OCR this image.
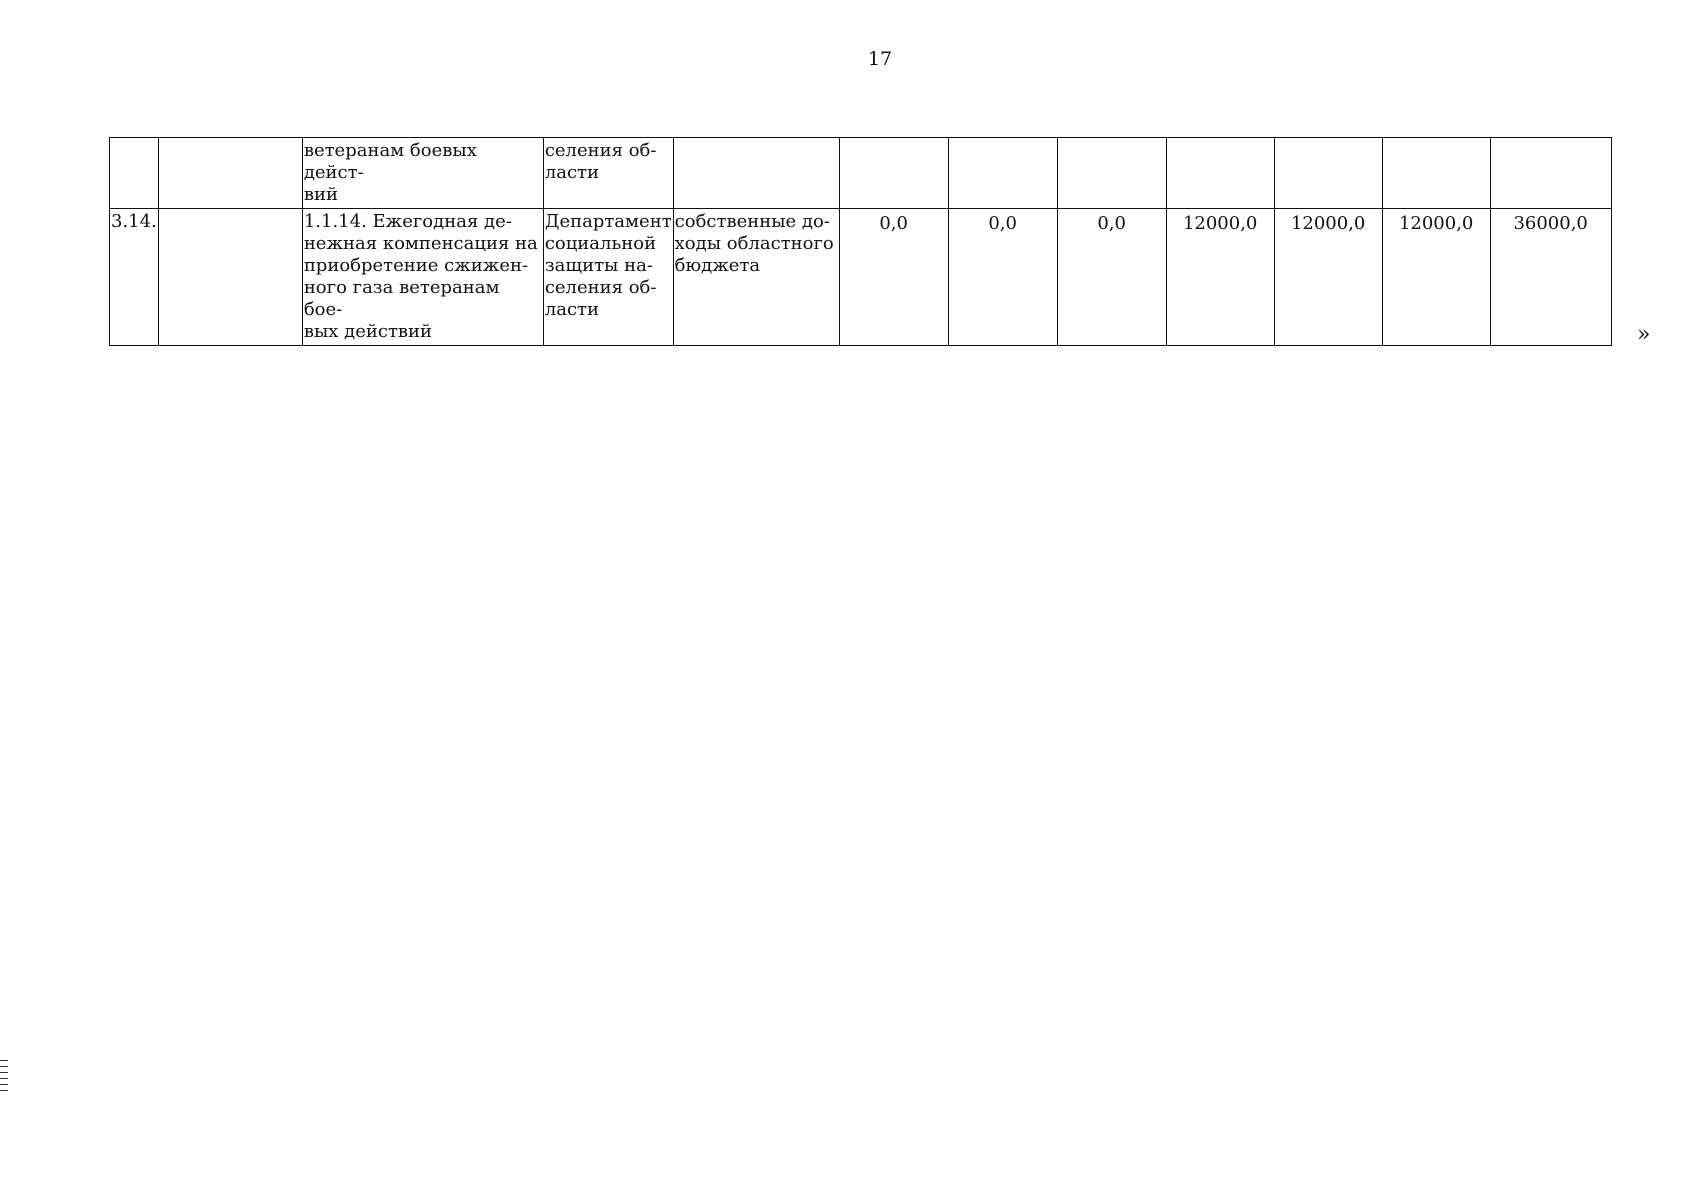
17
		ветеранам боевых дейст-
вий	селения об-
ласти								
3.14.		1.1.14. Ежегодная де-
нежная компенсация на
приобретение сжижен-
ного газа ветеранам бое-
вых действий	Департамент
социальной
защиты на-
селения об-
ласти	собственные до-
ходы областного
бюджета	0,0	0,0	0,0	12000,0	12000,0	12000,0	36000,0
»
